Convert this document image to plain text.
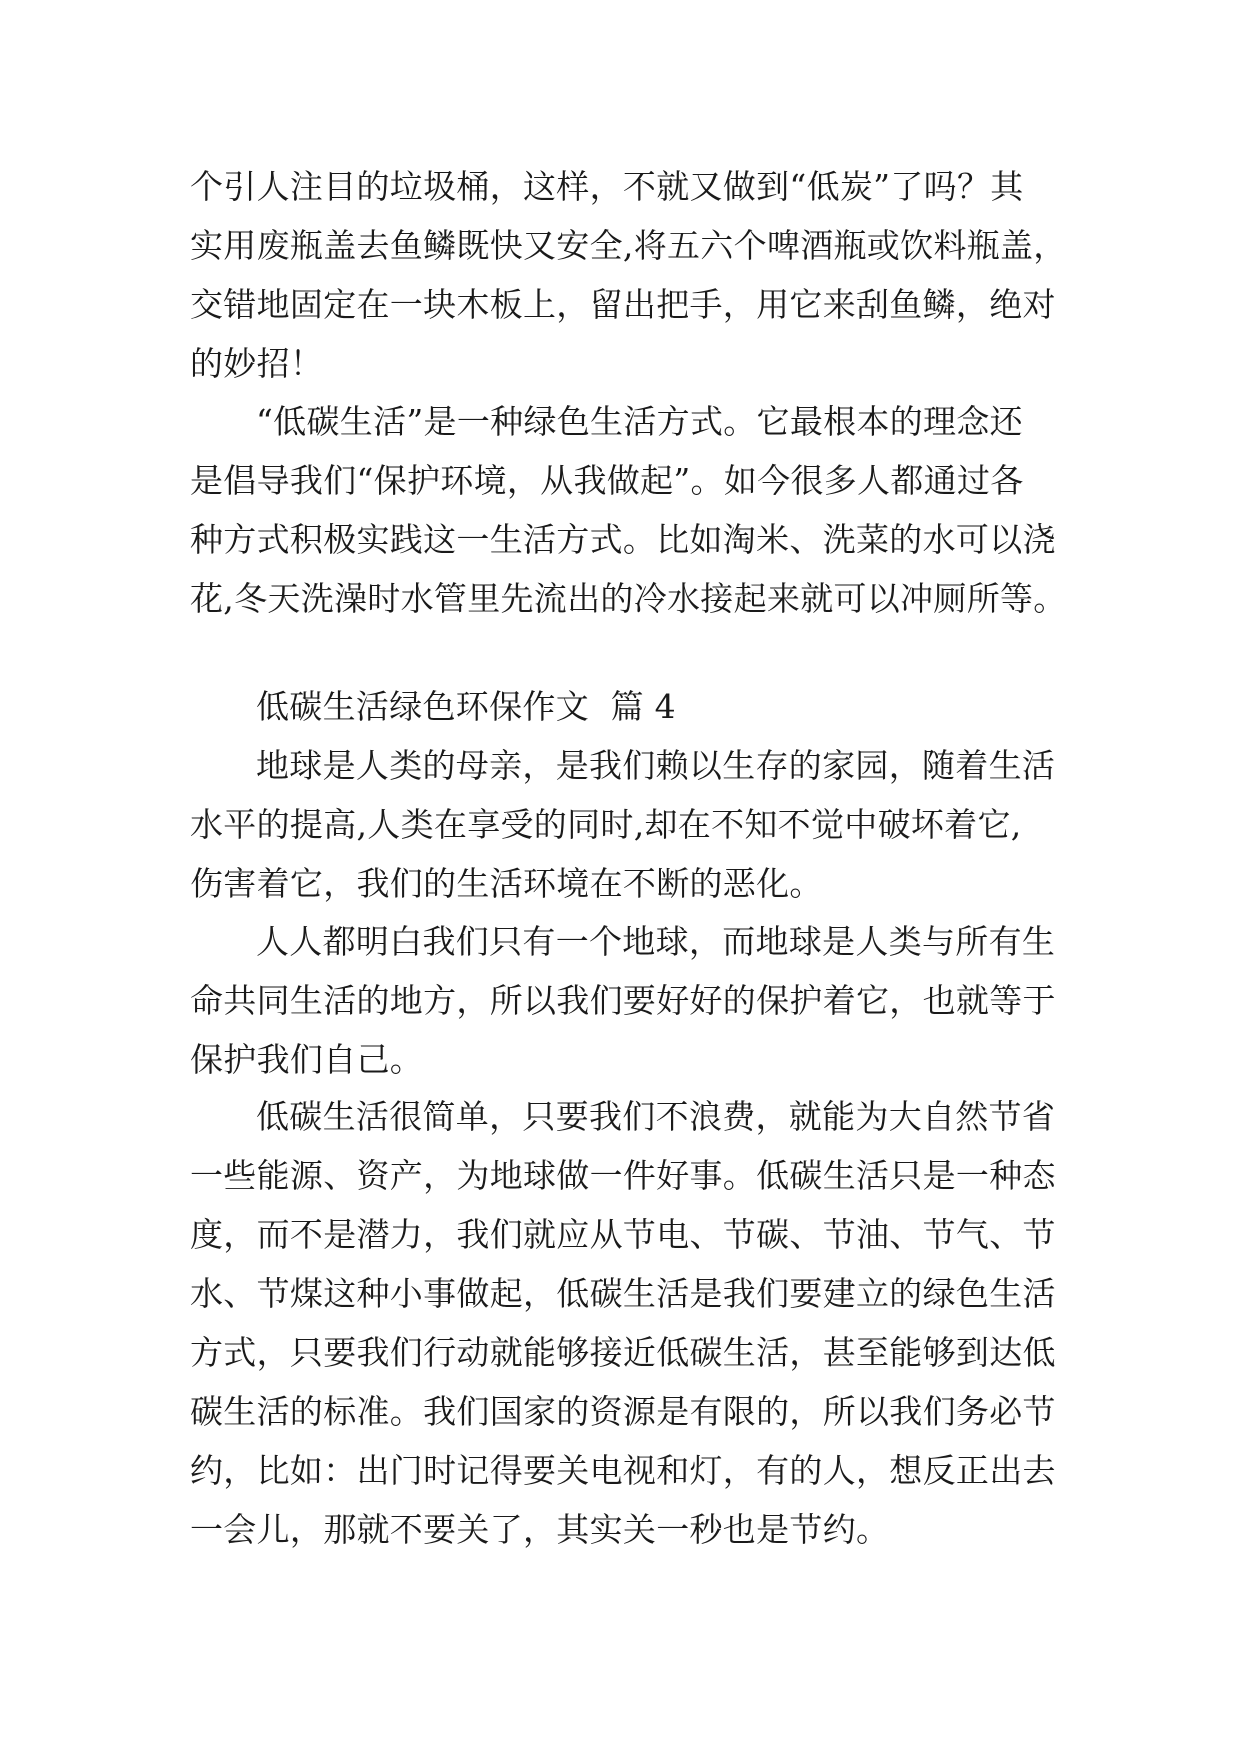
个引人注目的垃圾桶，这样，不就又做到“低炭”了吗？其
实用废瓶盖去鱼鳞既快又安全,将五六个啤酒瓶或饮料瓶盖，
交错地固定在一块木板上，留出把手，用它来刮鱼鳞，绝对
的妙招！
“低碳生活”是一种绿色生活方式。它最根本的理念还
是倡导我们“保护环境，从我做起”。如今很多人都通过各
种方式积极实践这一生活方式。比如淘米、洗菜的水可以浇
花,冬天洗澡时水管里先流出的冷水接起来就可以冲厕所等。
低碳生活绿色环保作文  篇 4
地球是人类的母亲，是我们赖以生存的家园，随着生活
水平的提高,人类在享受的同时,却在不知不觉中破坏着它,
伤害着它，我们的生活环境在不断的恶化。
人人都明白我们只有一个地球，而地球是人类与所有生
命共同生活的地方，所以我们要好好的保护着它，也就等于
保护我们自己。
低碳生活很简单，只要我们不浪费，就能为大自然节省
一些能源、资产，为地球做一件好事。低碳生活只是一种态
度，而不是潜力，我们就应从节电、节碳、节油、节气、节
水、节煤这种小事做起，低碳生活是我们要建立的绿色生活
方式，只要我们行动就能够接近低碳生活，甚至能够到达低
碳生活的标准。我们国家的资源是有限的，所以我们务必节
约，比如：出门时记得要关电视和灯，有的人，想反正出去
一会儿，那就不要关了，其实关一秒也是节约。
